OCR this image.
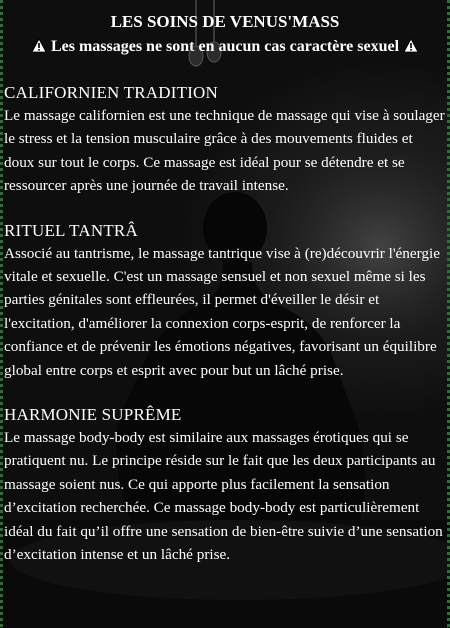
LES SOINS DE VENUS'MASS
Les massages ne sont en aucun cas caractère sexuel
CALIFORNIEN TRADITION
Le massage californien est une technique de massage qui vise à soulager le stress et la tension musculaire grâce à des mouvements fluides et doux sur tout le corps. Ce massage est idéal pour se détendre et se ressourcer après une journée de travail intense.
RITUEL TANTRÂ
Associé au tantrisme, le massage tantrique vise à (re)découvrir l'énergie vitale et sexuelle. C'est un massage sensuel et non sexuel même si les parties génitales sont effleurées, il permet d'éveiller le désir et l'excitation, d'améliorer la connexion corps-esprit, de renforcer la confiance et de prévenir les émotions négatives, favorisant un équilibre global entre corps et esprit avec pour but un lâché prise.
HARMONIE SUPRÊME
Le massage body-body est similaire aux massages érotiques qui se pratiquent nu. Le principe réside sur le fait que les deux participants au massage soient nus. Ce qui apporte plus facilement la sensation d’excitation recherchée. Ce massage body-body est particulièrement idéal du fait qu’il offre une sensation de bien-être suivie d’une sensation d’excitation intense et un lâché prise.
